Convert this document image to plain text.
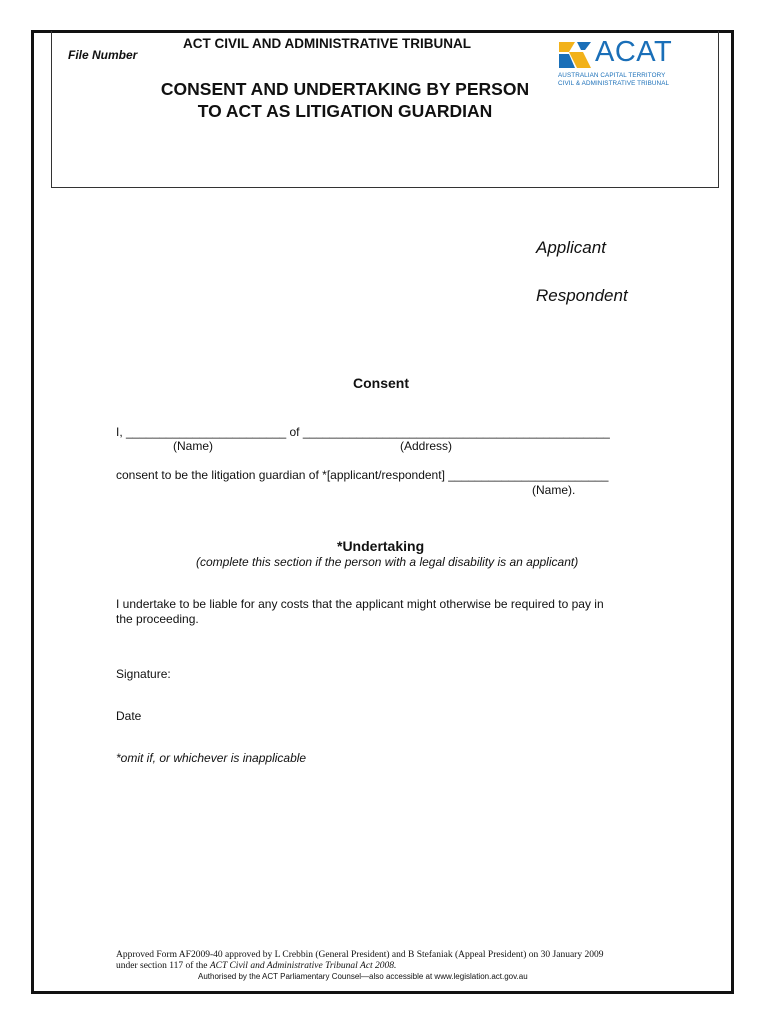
File Number
ACT CIVIL AND ADMINISTRATIVE TRIBUNAL
CONSENT AND UNDERTAKING BY PERSON TO ACT AS LITIGATION GUARDIAN
ACAT
AUSTRALIAN CAPITAL TERRITORY
CIVIL & ADMINISTRATIVE TRIBUNAL
Applicant
Respondent
Consent
I, ________________________ of ______________________________________________
(Name)	(Address)
consent to be the litigation guardian of *[applicant/respondent] ________________________
(Name).
*Undertaking
(complete this section if the person with a legal disability is an applicant)
I undertake to be liable for any costs that the applicant might otherwise be required to pay in
the proceeding.
Signature:
Date
*omit if, or whichever is inapplicable
Approved Form AF2009-40 approved by L Crebbin (General President) and B Stefaniak (Appeal President) on 30 January 2009
under section 117 of the ACT Civil and Administrative Tribunal Act 2008.
Authorised by the ACT Parliamentary Counsel—also accessible at www.legislation.act.gov.au
